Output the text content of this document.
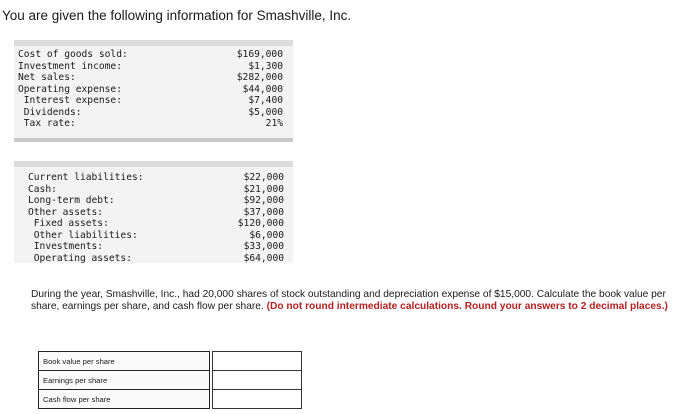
You are given the following information for Smashville, Inc.
Cost of goods sold:	$169,000
Investment income:	$1,300
Net sales:	$282,000
Operating expense:	$44,000
Interest expense:	$7,400
Dividends:	$5,000
Tax rate:	21%
Current liabilities:	$22,000
Cash:	$21,000
Long-term debt:	$92,000
Other assets:	$37,000
Fixed assets:	$120,000
Other liabilities:	$6,000
Investments:	$33,000
Operating assets:	$64,000
During the year, Smashville, Inc., had 20,000 shares of stock outstanding and depreciation expense of $15,000. Calculate the book value per share, earnings per share, and cash flow per share. (Do not round intermediate calculations. Round your answers to 2 decimal places.)
Book value per share		
Earnings per share		
Cash flow per share		
